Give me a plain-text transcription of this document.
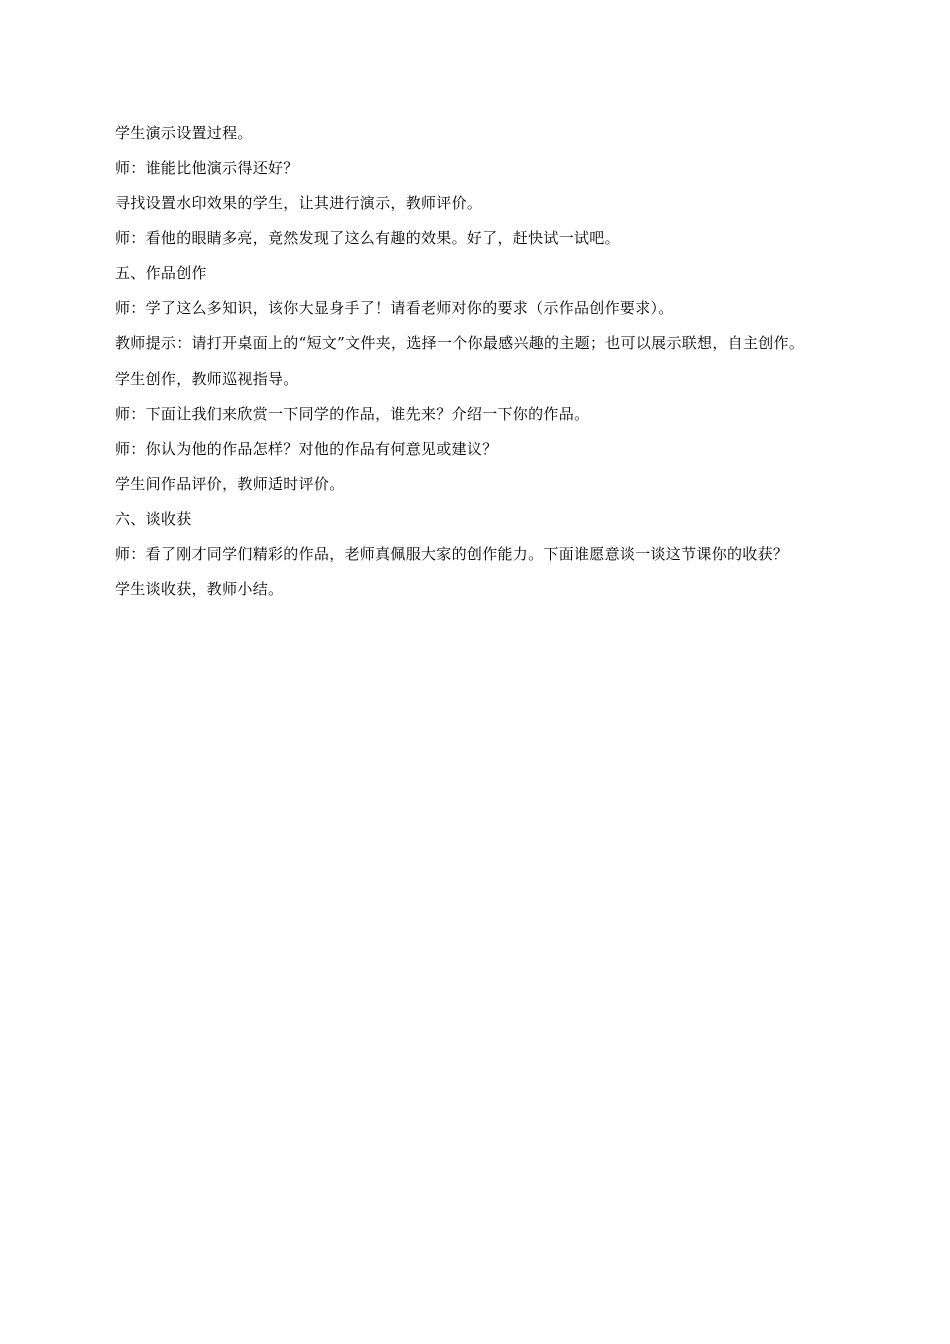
学生演示设置过程。

师：谁能比他演示得还好？

寻找设置水印效果的学生，让其进行演示，教师评价。

师：看他的眼睛多亮，竟然发现了这么有趣的效果。好了，赶快试一试吧。

五、作品创作

师：学了这么多知识，该你大显身手了！请看老师对你的要求（示作品创作要求）。

教师提示：请打开桌面上的“短文”文件夹，选择一个你最感兴趣的主题；也可以展示联想，自主创作。

学生创作，教师巡视指导。

师：下面让我们来欣赏一下同学的作品，谁先来？介绍一下你的作品。

师：你认为他的作品怎样？对他的作品有何意见或建议？

学生间作品评价，教师适时评价。

六、谈收获

师：看了刚才同学们精彩的作品，老师真佩服大家的创作能力。下面谁愿意谈一谈这节课你的收获？

学生谈收获，教师小结。
